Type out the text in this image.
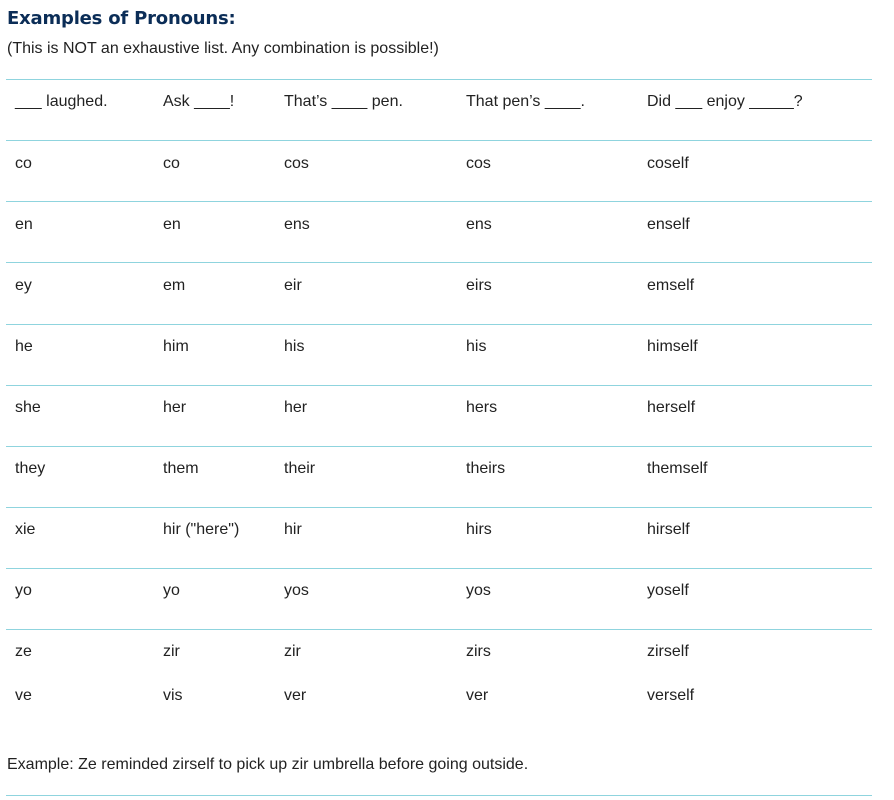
Examples of Pronouns:

(This is NOT an exhaustive list. Any combination is possible!)

___ laughed.	Ask ____!	That’s ____ pen.	That pen’s ____.	Did ___ enjoy _____?
co	co	cos	cos	coself
en	en	ens	ens	enself
ey	em	eir	eirs	emself
he	him	his	his	himself
she	her	her	hers	herself
they	them	their	theirs	themself
xie	hir ("here")	hir	hirs	hirself
yo	yo	yos	yos	yoself
ze	zir	zir	zirs	zirself
ve	vis	ver	ver	verself

Example: Ze reminded zirself to pick up zir umbrella before going outside.
